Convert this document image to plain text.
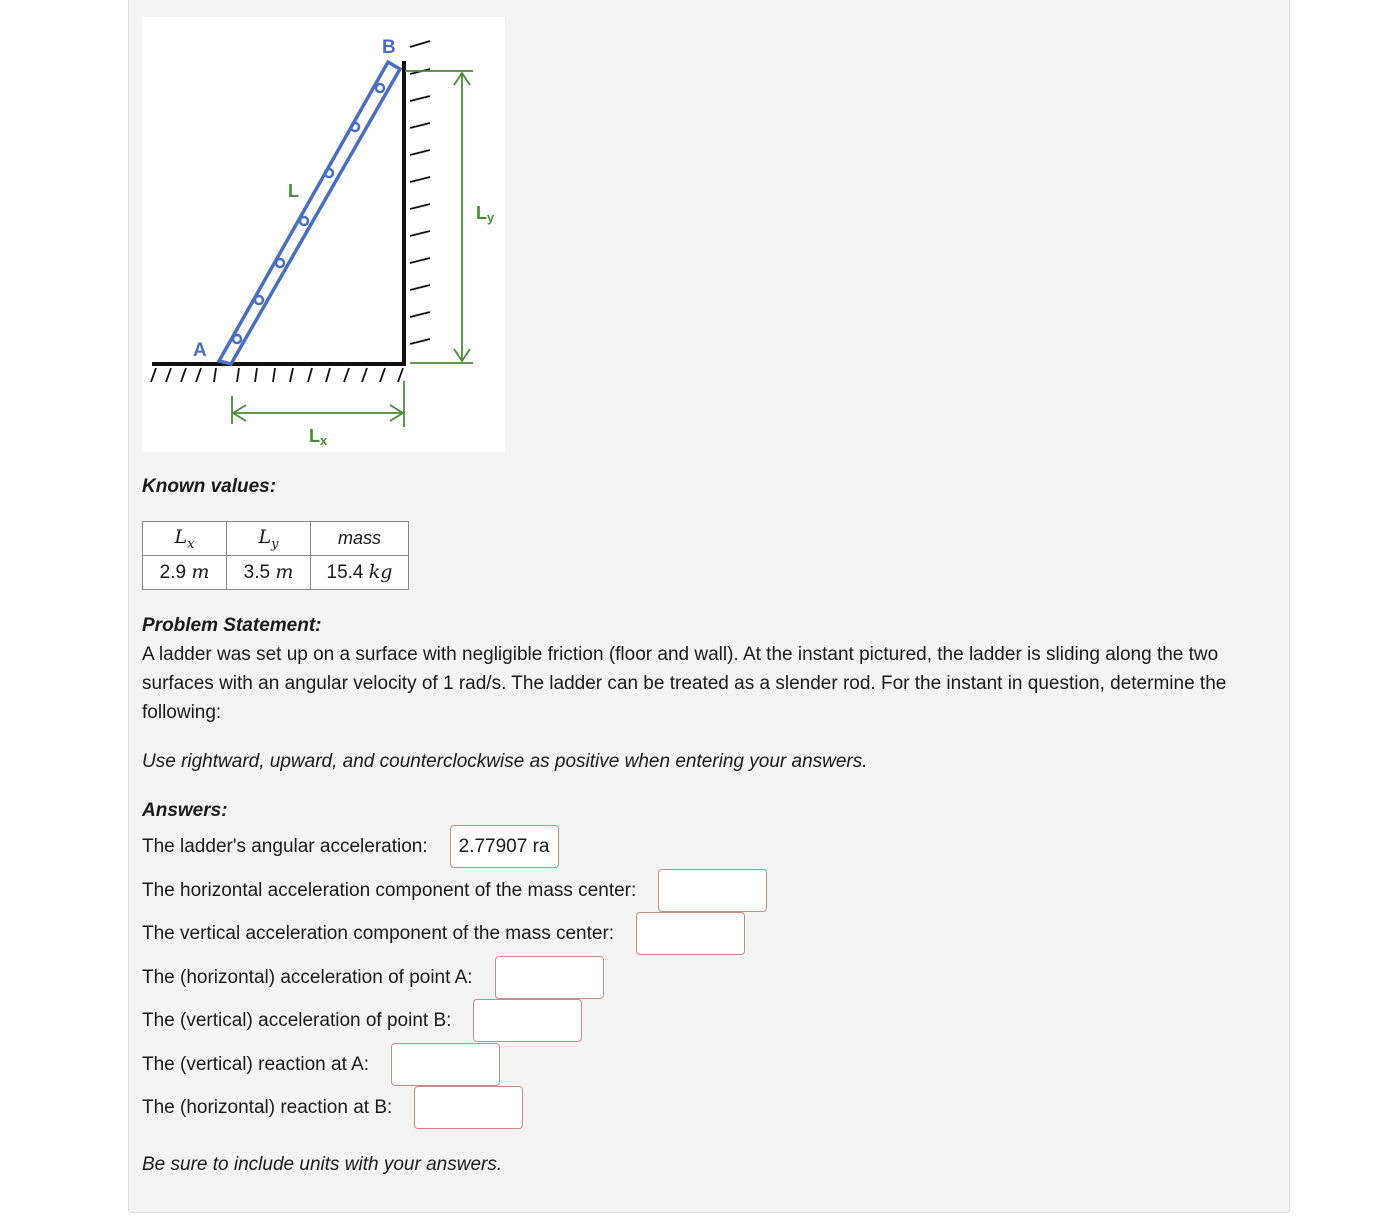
A
B
L
Lx
Ly

Known values:

$L_x$	$L_y$	mass
2.9 m	3.5 m	15.4 kg

Problem Statement:

A ladder was set up on a surface with negligible friction (floor and wall). At the instant pictured, the ladder is sliding along the two surfaces with an angular velocity of 1 rad/s. The ladder can be treated as a slender rod. For the instant in question, determine the following:

Use rightward, upward, and counterclockwise as positive when entering your answers.

Answers:

The ladder's angular acceleration:
2.77907 rad/s^2
The horizontal acceleration component of the mass center:
The vertical acceleration component of the mass center:
The (horizontal) acceleration of point A:
The (vertical) acceleration of point B:
The (vertical) reaction at A:
The (horizontal) reaction at B:

Be sure to include units with your answers.
